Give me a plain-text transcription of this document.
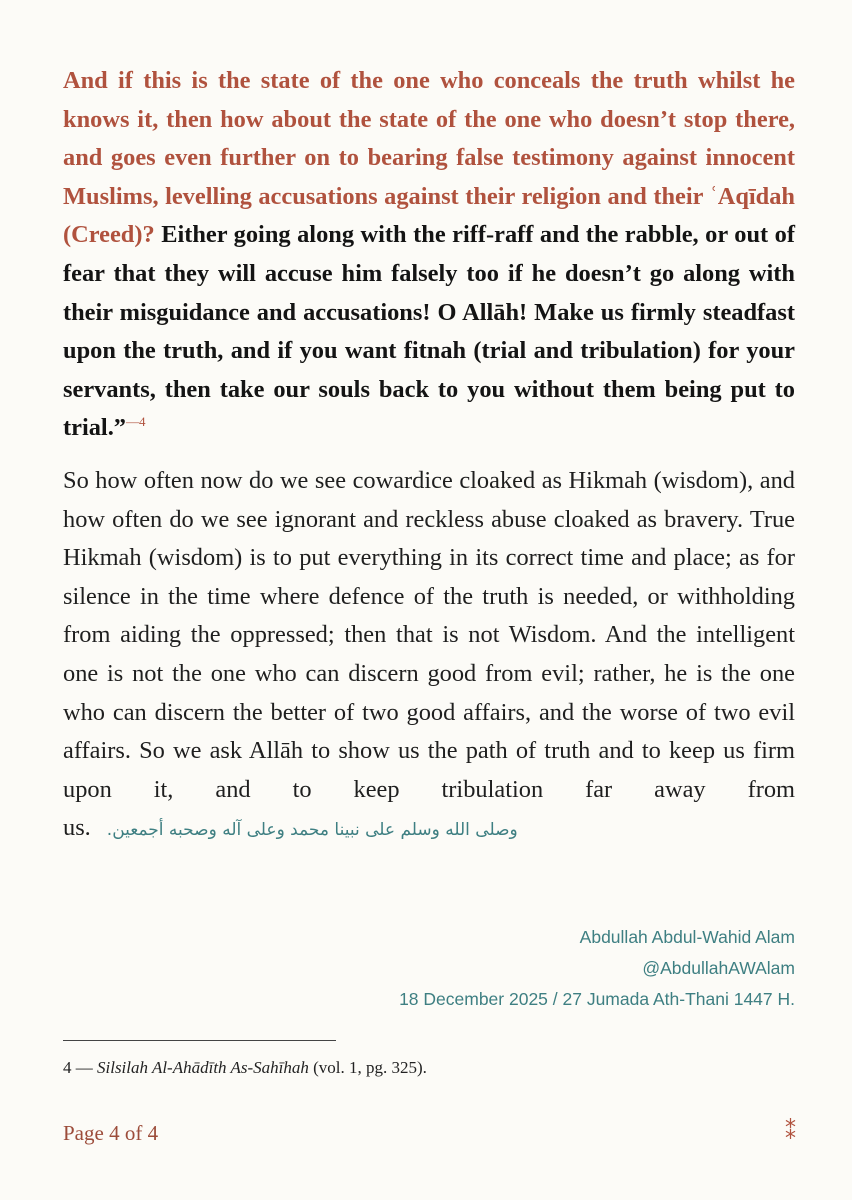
And if this is the state of the one who conceals the truth whilst he knows it, then how about the state of the one who doesn’t stop there, and goes even further on to bearing false testimony against innocent Muslims, levelling accusations against their religion and their ʿAqīdah (Creed)? Either going along with the riff-raff and the rabble, or out of fear that they will accuse him falsely too if he doesn’t go along with their misguidance and accusations! O Allāh! Make us firmly steadfast upon the truth, and if you want fitnah (trial and tribulation) for your servants, then take our souls back to you without them being put to trial.”$^{—4}$

So how often now do we see cowardice cloaked as Hikmah (wisdom), and how often do we see ignorant and reckless abuse cloaked as bravery. True Hikmah (wisdom) is to put everything in its correct time and place; as for silence in the time where defence of the truth is needed, or withholding from aiding the oppressed; then that is not Wisdom. And the intelligent one is not the one who can discern good from evil; rather, he is the one who can discern the better of two good affairs, and the worse of two evil affairs. So we ask Allāh to show us the path of truth and to keep us firm upon it, and to keep tribulation far away from us. وصلى الله وسلم على نبينا محمد وعلى آله وصحبه أجمعين.

Abdullah Abdul-Wahid Alam
@AbdullahAWAlam
18 December 2025 / 27 Jumada Ath-Thani 1447 H.
4 — Silsilah Al-Ahādīth As-Sahīhah (vol. 1, pg. 325).
Page 4 of 4	⁑
